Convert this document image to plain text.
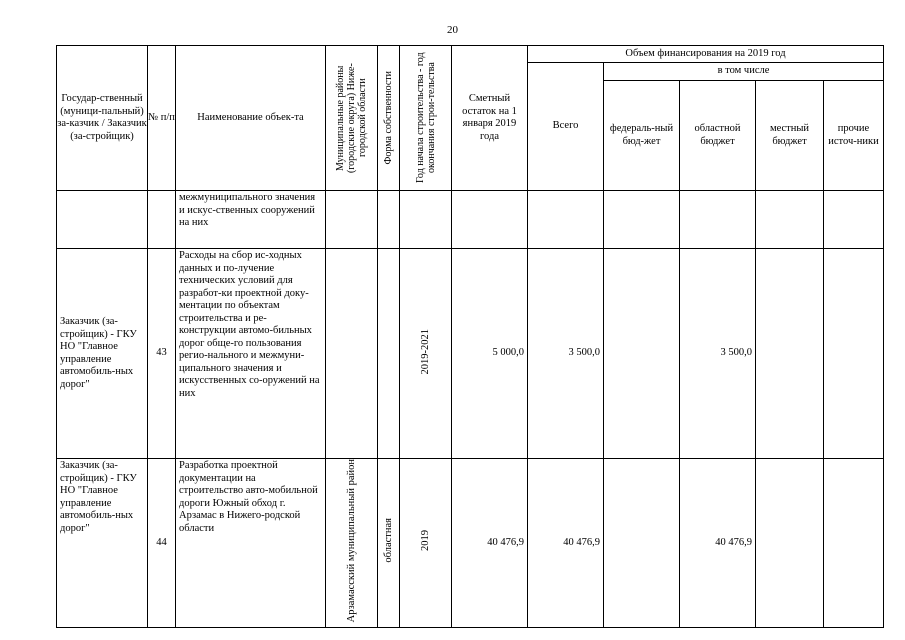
20
Государ-ственный (муници-пальный) за-казчик / Заказчик (за-стройщик)	№ п/п	Наименование объек-та	Муниципальные районы (городские округа) Ниже-городской области	Форма собственности	Год начала строительства - год окончания строи-тельства	Сметный остаток на 1 января 2019 года	Объем финансирования на 2019 год				
							Всего	в том числе			
								федераль-ный бюд-жет	областной бюджет	местный бюджет	прочие источ-ники
		межмуниципального значения и искус-ственных сооружений на них									
Заказчик (за-стройщик) - ГКУ НО "Главное управление автомобиль-ных дорог"	43	Расходы на сбор ис-ходных данных и по-лучение технических условий для разработ-ки проектной доку-ментации по объектам строительства и ре-конструкции автомо-бильных дорог обще-го пользования регио-нального и межмуни-ципального значения и искусственных со-оружений на них			2019-2021	5 000,0	3 500,0		3 500,0		
Заказчик (за-стройщик) - ГКУ НО "Главное управление автомобиль-ных дорог"	44	Разработка проектной документации на строительство авто-мобильной дороги Южный обход г. Арзамас в Нижего-родской области	Арзамасский муниципальный район	областная	2019	40 476,9	40 476,9		40 476,9		
